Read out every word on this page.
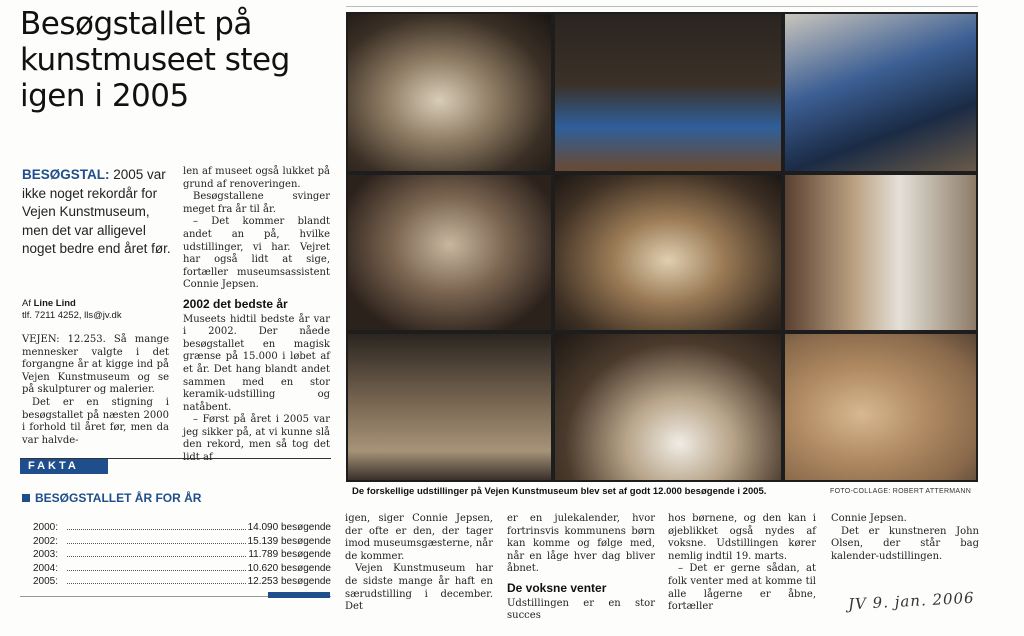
Besøgstallet på kunstmuseet steg igen i 2005
BESØGSTAL: 2005 var ikke noget rekordår for Vejen Kunstmuseum, men det var alligevel noget bedre end året før.
Af Line Lind
tlf. 7211 4252, lls@jv.dk

VEJEN: 12.253. Så mange mennesker valgte i det forgangne år at kigge ind på Vejen Kunstmuseum og se på skulpturer og malerier.

Det er en stigning i besøgstallet på næsten 2000 i forhold til året før, men da var halvde-

len af museet også lukket på grund af renoveringen.

Besøgstallene svinger meget fra år til år.

– Det kommer blandt andet an på, hvilke udstillinger, vi har. Vejret har også lidt at sige, fortæller museumsassistent Connie Jepsen.

2002 det bedste år

Museets hidtil bedste år var i 2002. Der nåede besøgstallet en magisk grænse på 15.000 i løbet af et år. Det hang blandt andet sammen med en stor keramik-udstilling og natåbent.

– Først på året i 2005 var jeg sikker på, at vi kunne slå den rekord, men så tog det

FAKTA
BESØGSTALLET ÅR FOR ÅR
2000:	14.090 besøgende
2002:	15.139 besøgende
2003:	11.789 besøgende
2004:	10.620 besøgende
2005:	12.253 besøgende
De forskellige udstillinger på Vejen Kunstmuseum blev set af godt 12.000 besøgende i 2005.	FOTO-COLLAGE: ROBERT ATTERMANN

igen, siger Connie Jepsen, der ofte er den, der tager imod museumsgæsterne, når de kommer.

Vejen Kunstmuseum har de sidste mange år haft en særudstilling i december. Det

er en julekalender, hvor fortrinsvis kommunens børn kan komme og følge med, når en låge hver dag bliver åbnet.

De voksne venter

Udstillingen er en stor succes

hos børnene, og den kan i øjeblikket også nydes af voksne. Udstillingen kører nemlig indtil 19. marts.

– Det er gerne sådan, at folk venter med at komme til alle lågerne er åbne, fortæller

Connie Jepsen.

Det er kunstneren John Olsen, der står bag kalender-udstillingen.

JV 9. jan. 2006
